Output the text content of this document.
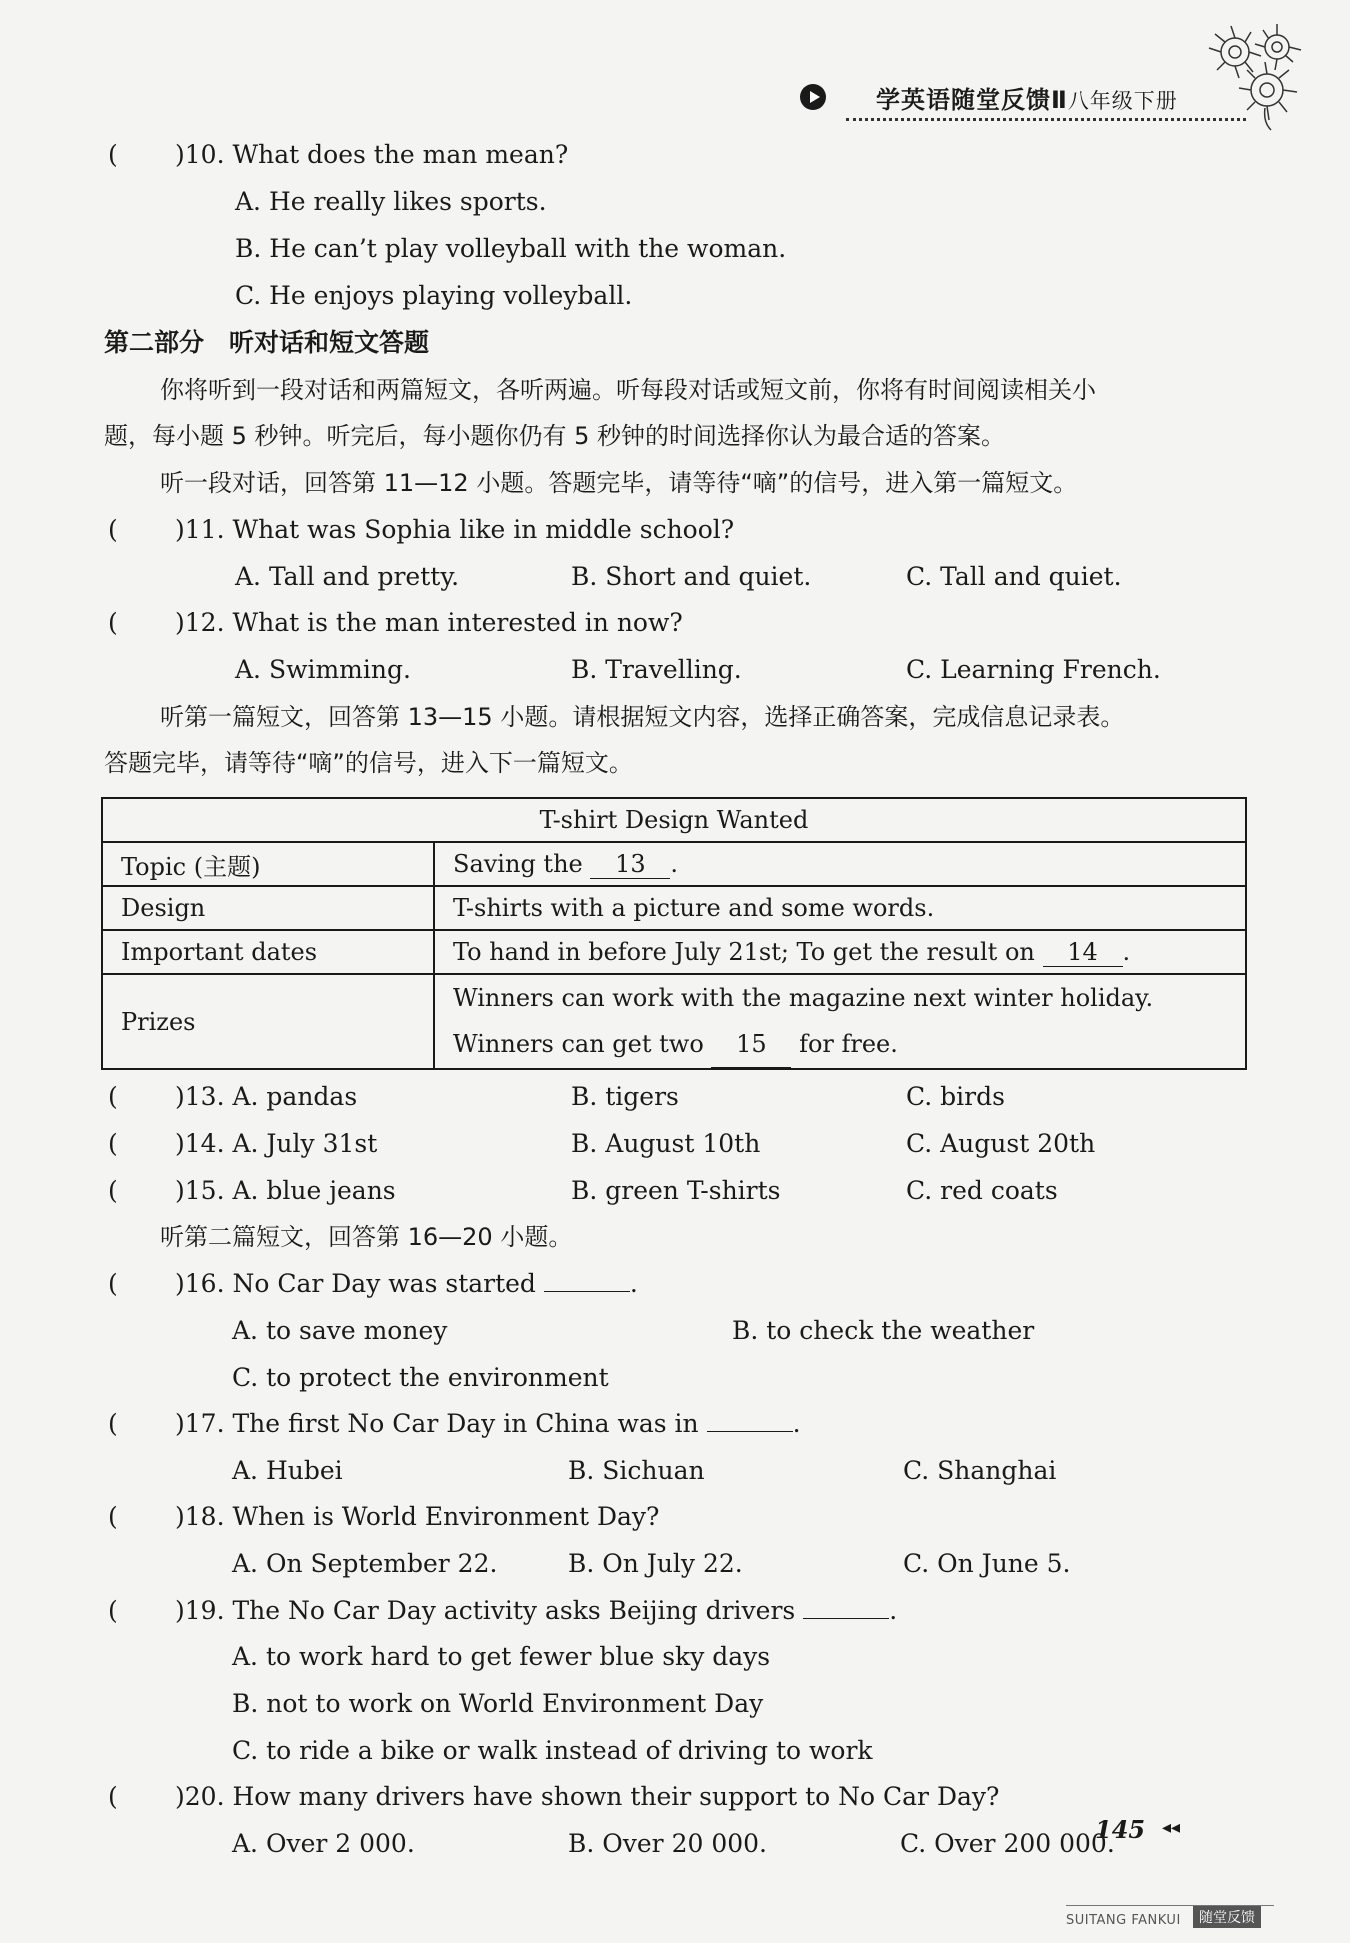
学英语随堂反馈Ⅱ八年级下册
( )10. What does the man mean?
A. He really likes sports.
B. He can’t play volleyball with the woman.
C. He enjoys playing volleyball.
第二部分　听对话和短文答题
你将听到一段对话和两篇短文，各听两遍。听每段对话或短文前，你将有时间阅读相关小
题，每小题 5 秒钟。听完后，每小题你仍有 5 秒钟的时间选择你认为最合适的答案。
听一段对话，回答第 11—12 小题。答题完毕，请等待“嘀”的信号，进入第一篇短文。
( )11. What was Sophia like in middle school?
A. Tall and pretty.	B. Short and quiet.	C. Tall and quiet.
( )12. What is the man interested in now?
A. Swimming.	B. Travelling.	C. Learning French.
听第一篇短文，回答第 13—15 小题。请根据短文内容，选择正确答案，完成信息记录表。
答题完毕，请等待“嘀”的信号，进入下一篇短文。
T-shirt Design Wanted	
Topic (主题)	Saving the 13 .
Design	T-shirts with a picture and some words.
Important dates	To hand in before July 21st; To get the result on 14 .
Prizes	Winners can work with the magazine next winter holiday.
Winners can get two 15 for free.
( )13. A. pandas	B. tigers	C. birds
( )14. A. July 31st	B. August 10th	C. August 20th
( )15. A. blue jeans	B. green T-shirts	C. red coats
听第二篇短文，回答第 16—20 小题。
( )16. No Car Day was started	.
A. to save money	B. to check the weather
C. to protect the environment
( )17. The first No Car Day in China was in	.
A. Hubei	B. Sichuan	C. Shanghai
( )18. When is World Environment Day?
A. On September 22.	B. On July 22.	C. On June 5.
( )19. The No Car Day activity asks Beijing drivers	.
A. to work hard to get fewer blue sky days
B. not to work on World Environment Day
C. to ride a bike or walk instead of driving to work
( )20. How many drivers have shown their support to No Car Day?
A. Over 2 000.	B. Over 20 000.	C. Over 200 000.
145 ◂◂
SUITANG FANKUI	随堂反馈
